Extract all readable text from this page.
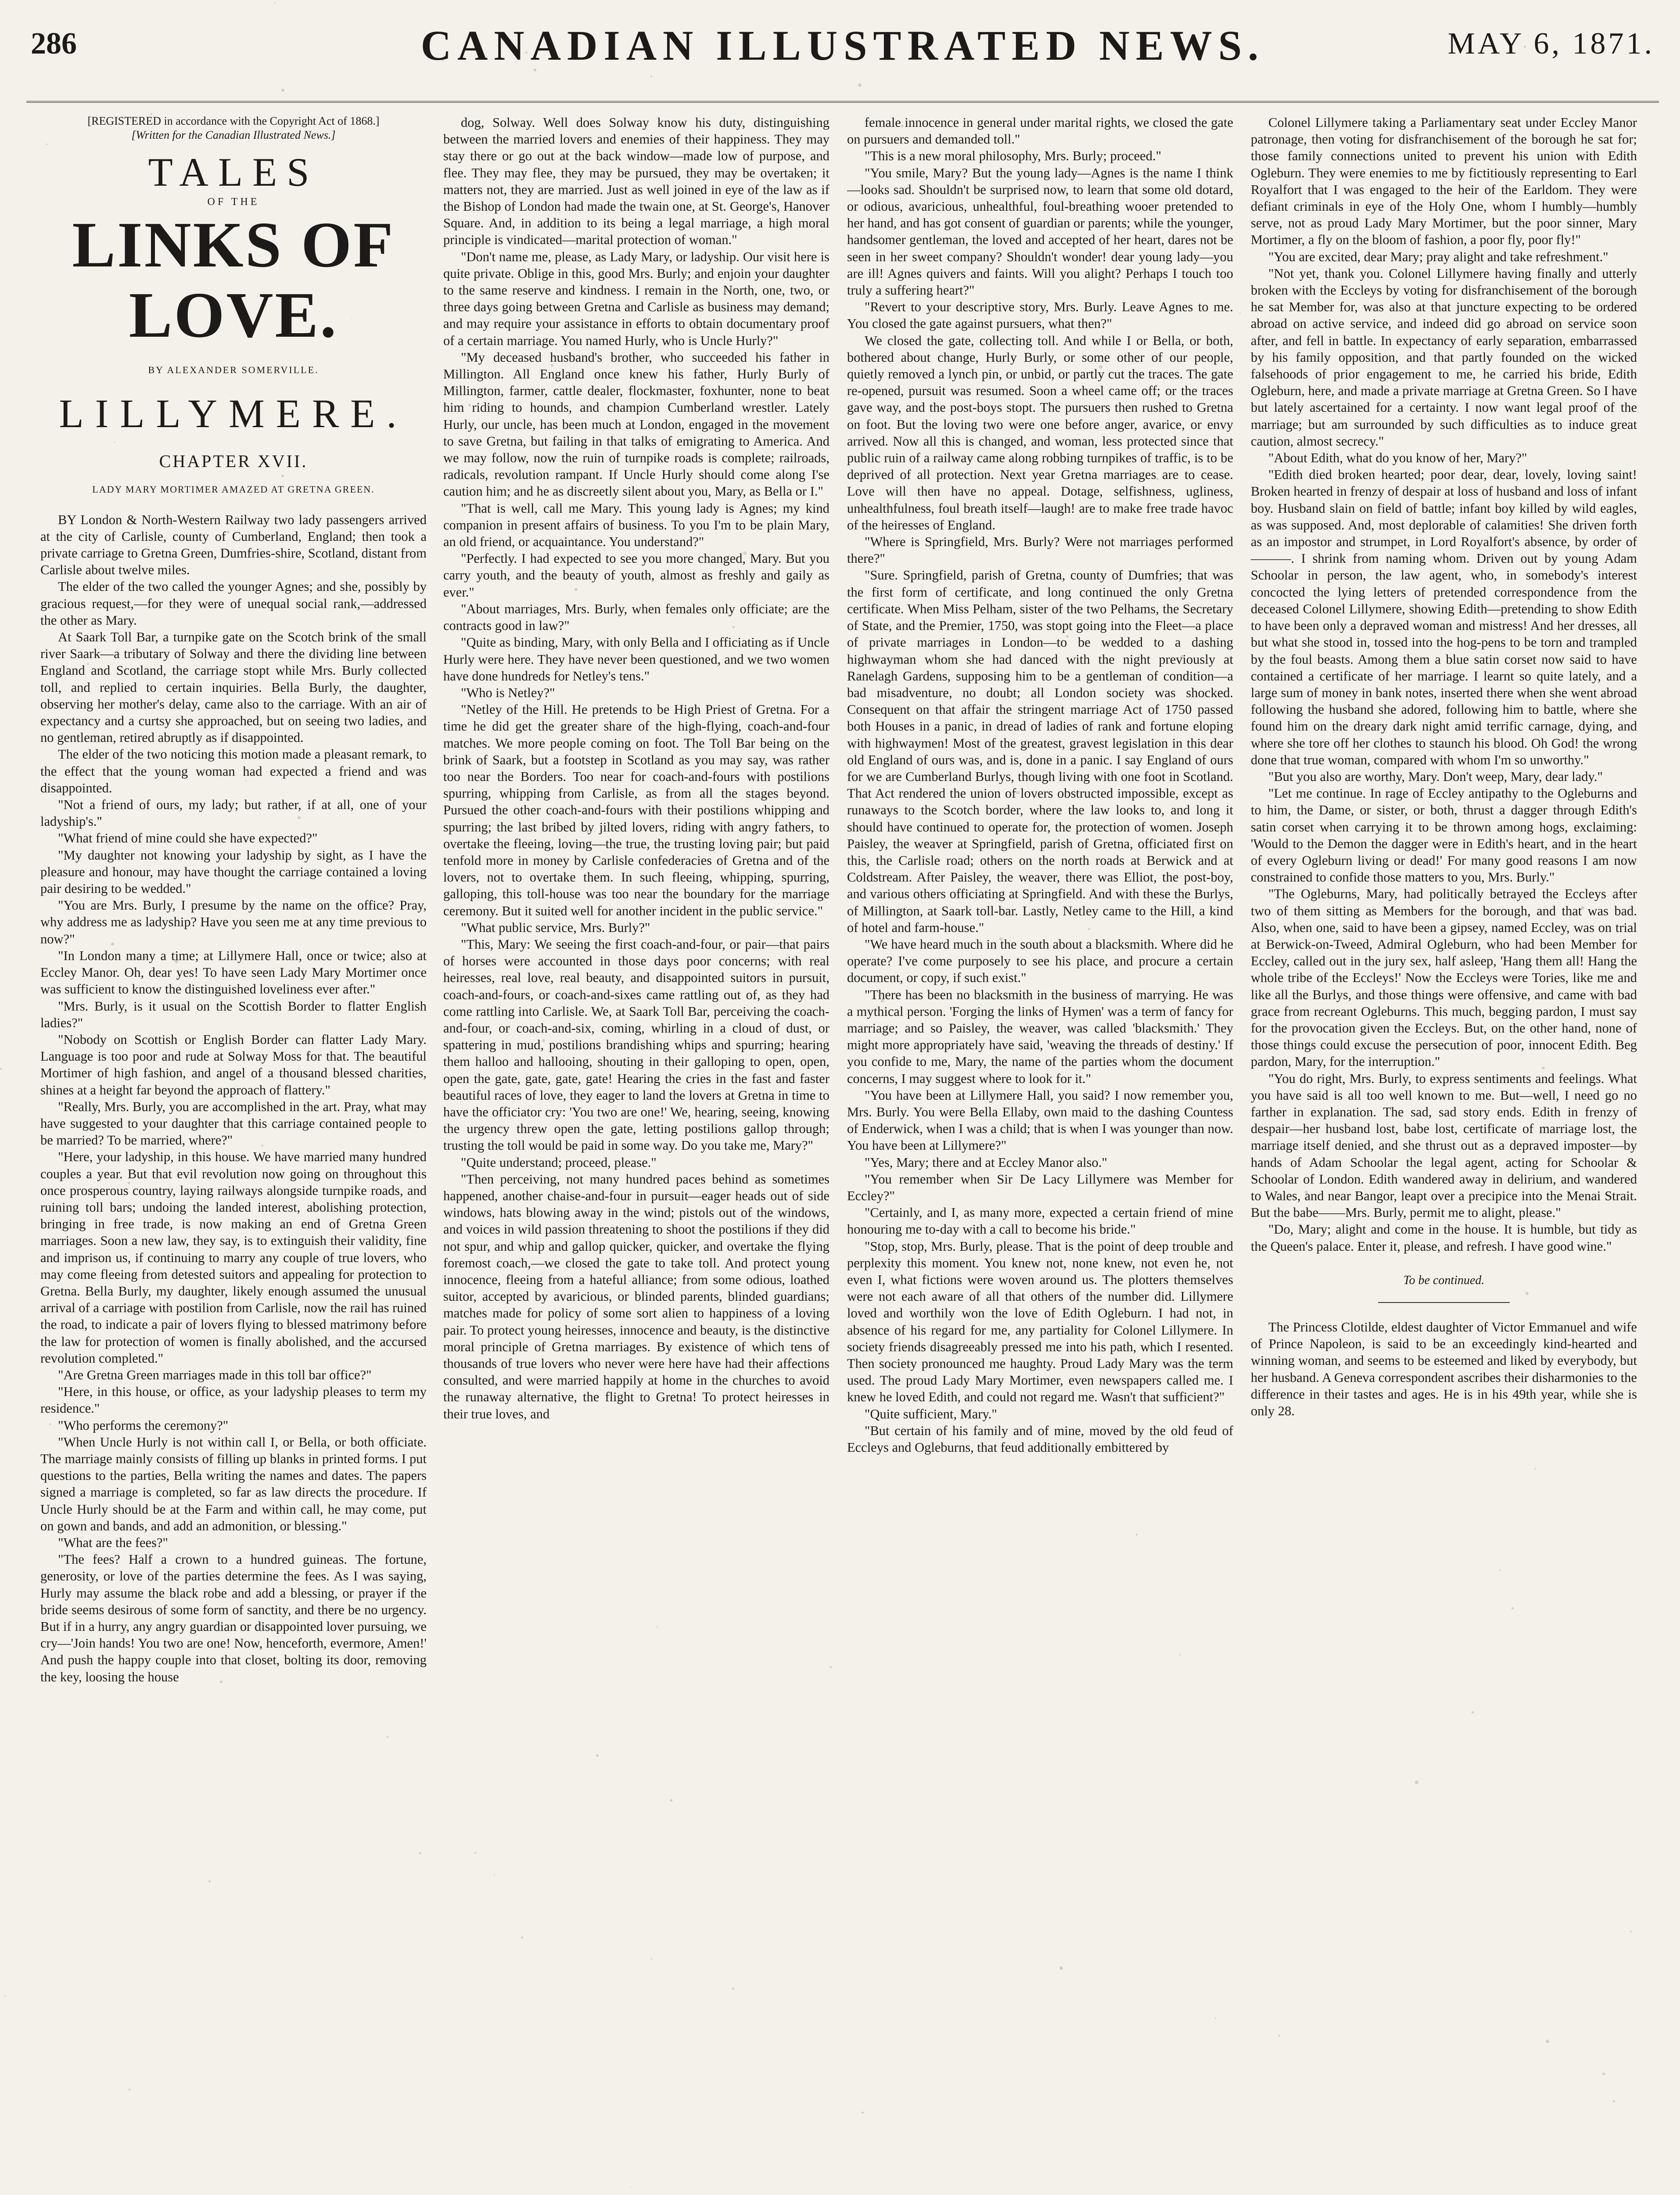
286	CANADIAN ILLUSTRATED NEWS.	MAY 6, 1871.

[REGISTERED in accordance with the Copyright Act of 1868.]

[Written for the Canadian Illustrated News.]

TALES
OF THE
LINKS OF LOVE.
BY ALEXANDER SOMERVILLE.
LILLYMERE.
CHAPTER XVII.
LADY MARY MORTIMER AMAZED AT GRETNA GREEN.

BY London & North-Western Railway two lady passengers arrived at the city of Carlisle, county of Cumberland, England; then took a private carriage to Gretna Green, Dumfries-shire, Scotland, distant from Carlisle about twelve miles.

The elder of the two called the younger Agnes; and she, possibly by gracious request,—for they were of unequal social rank,—addressed the other as Mary.

At Saark Toll Bar, a turnpike gate on the Scotch brink of the small river Saark—a tributary of Solway and there the dividing line between England and Scotland, the carriage stopt while Mrs. Burly collected toll, and replied to certain inquiries. Bella Burly, the daughter, observing her mother's delay, came also to the carriage. With an air of expectancy and a curtsy she approached, but on seeing two ladies, and no gentleman, retired abruptly as if disappointed.

The elder of the two noticing this motion made a pleasant remark, to the effect that the young woman had expected a friend and was disappointed.

"Not a friend of ours, my lady; but rather, if at all, one of your ladyship's."

"What friend of mine could she have expected?"

"My daughter not knowing your ladyship by sight, as I have the pleasure and honour, may have thought the carriage contained a loving pair desiring to be wedded."

"You are Mrs. Burly, I presume by the name on the office? Pray, why address me as ladyship? Have you seen me at any time previous to now?"

"In London many a time; at Lillymere Hall, once or twice; also at Eccley Manor. Oh, dear yes! To have seen Lady Mary Mortimer once was sufficient to know the distinguished loveliness ever after."

"Mrs. Burly, is it usual on the Scottish Border to flatter English ladies?"

"Nobody on Scottish or English Border can flatter Lady Mary. Language is too poor and rude at Solway Moss for that. The beautiful Mortimer of high fashion, and angel of a thousand blessed charities, shines at a height far beyond the approach of flattery."

"Really, Mrs. Burly, you are accomplished in the art. Pray, what may have suggested to your daughter that this carriage contained people to be married? To be married, where?"

"Here, your ladyship, in this house. We have married many hundred couples a year. But that evil revolution now going on throughout this once prosperous country, laying railways alongside turnpike roads, and ruining toll bars; undoing the landed interest, abolishing protection, bringing in free trade, is now making an end of Gretna Green marriages. Soon a new law, they say, is to extinguish their validity, fine and imprison us, if continuing to marry any couple of true lovers, who may come fleeing from detested suitors and appealing for protection to Gretna. Bella Burly, my daughter, likely enough assumed the unusual arrival of a carriage with postilion from Carlisle, now the rail has ruined the road, to indicate a pair of lovers flying to blessed matrimony before the law for protection of women is finally abolished, and the accursed revolution completed."

"Are Gretna Green marriages made in this toll bar office?"

"Here, in this house, or office, as your ladyship pleases to term my residence."

"Who performs the ceremony?"

"When Uncle Hurly is not within call I, or Bella, or both officiate. The marriage mainly consists of filling up blanks in printed forms. I put questions to the parties, Bella writing the names and dates. The papers signed a marriage is completed, so far as law directs the procedure. If Uncle Hurly should be at the Farm and within call, he may come, put on gown and bands, and add an admonition, or blessing."

"What are the fees?"

"The fees? Half a crown to a hundred guineas. The fortune, generosity, or love of the parties determine the fees. As I was saying, Hurly may assume the black robe and add a blessing, or prayer if the bride seems desirous of some form of sanctity, and there be no urgency. But if in a hurry, any angry guardian or disappointed lover pursuing, we cry—'Join hands! You two are one! Now, henceforth, evermore, Amen!' And push the happy couple into that closet, bolting its door, removing the key, loosing the house

dog, Solway. Well does Solway know his duty, distinguishing between the married lovers and enemies of their happiness. They may stay there or go out at the back window—made low of purpose, and flee. They may flee, they may be pursued, they may be overtaken; it matters not, they are married. Just as well joined in eye of the law as if the Bishop of London had made the twain one, at St. George's, Hanover Square. And, in addition to its being a legal marriage, a high moral principle is vindicated—marital protection of woman."

"Don't name me, please, as Lady Mary, or ladyship. Our visit here is quite private. Oblige in this, good Mrs. Burly; and enjoin your daughter to the same reserve and kindness. I remain in the North, one, two, or three days going between Gretna and Carlisle as business may demand; and may require your assistance in efforts to obtain documentary proof of a certain marriage. You named Hurly, who is Uncle Hurly?"

"My deceased husband's brother, who succeeded his father in Millington. All England once knew his father, Hurly Burly of Millington, farmer, cattle dealer, flockmaster, foxhunter, none to beat him riding to hounds, and champion Cumberland wrestler. Lately Hurly, our uncle, has been much at London, engaged in the movement to save Gretna, but failing in that talks of emigrating to America. And we may follow, now the ruin of turnpike roads is complete; railroads, radicals, revolution rampant. If Uncle Hurly should come along I'se caution him; and he as discreetly silent about you, Mary, as Bella or I."

"That is well, call me Mary. This young lady is Agnes; my kind companion in present affairs of business. To you I'm to be plain Mary, an old friend, or acquaintance. You understand?"

"Perfectly. I had expected to see you more changed, Mary. But you carry youth, and the beauty of youth, almost as freshly and gaily as ever."

"About marriages, Mrs. Burly, when females only officiate; are the contracts good in law?"

"Quite as binding, Mary, with only Bella and I officiating as if Uncle Hurly were here. They have never been questioned, and we two women have done hundreds for Netley's tens."

"Who is Netley?"

"Netley of the Hill. He pretends to be High Priest of Gretna. For a time he did get the greater share of the high-flying, coach-and-four matches. We more people coming on foot. The Toll Bar being on the brink of Saark, but a footstep in Scotland as you may say, was rather too near the Borders. Too near for coach-and-fours with postilions spurring, whipping from Carlisle, as from all the stages beyond. Pursued the other coach-and-fours with their postilions whipping and spurring; the last bribed by jilted lovers, riding with angry fathers, to overtake the fleeing, loving—the true, the trusting loving pair; but paid tenfold more in money by Carlisle confederacies of Gretna and of the lovers, not to overtake them. In such fleeing, whipping, spurring, galloping, this toll-house was too near the boundary for the marriage ceremony. But it suited well for another incident in the public service."

"What public service, Mrs. Burly?"

"This, Mary: We seeing the first coach-and-four, or pair—that pairs of horses were accounted in those days poor concerns; with real heiresses, real love, real beauty, and disappointed suitors in pursuit, coach-and-fours, or coach-and-sixes came rattling out of, as they had come rattling into Carlisle. We, at Saark Toll Bar, perceiving the coach-and-four, or coach-and-six, coming, whirling in a cloud of dust, or spattering in mud, postilions brandishing whips and spurring; hearing them halloo and hallooing, shouting in their galloping to open, open, open the gate, gate, gate, gate! Hearing the cries in the fast and faster beautiful races of love, they eager to land the lovers at Gretna in time to have the officiator cry: 'You two are one!' We, hearing, seeing, knowing the urgency threw open the gate, letting postilions gallop through; trusting the toll would be paid in some way. Do you take me, Mary?"

"Quite understand; proceed, please."

"Then perceiving, not many hundred paces behind as sometimes happened, another chaise-and-four in pursuit—eager heads out of side windows, hats blowing away in the wind; pistols out of the windows, and voices in wild passion threatening to shoot the postilions if they did not spur, and whip and gallop quicker, quicker, and overtake the flying foremost coach,—we closed the gate to take toll. And protect young innocence, fleeing from a hateful alliance; from some odious, loathed suitor, accepted by avaricious, or blinded parents, blinded guardians; matches made for policy of some sort alien to happiness of a loving pair. To protect young heiresses, innocence and beauty, is the distinctive moral principle of Gretna marriages. By existence of which tens of thousands of true lovers who never were here have had their affections consulted, and were married happily at home in the churches to avoid the runaway alternative, the flight to Gretna! To protect heiresses in their true loves, and

female innocence in general under marital rights, we closed the gate on pursuers and demanded toll."

"This is a new moral philosophy, Mrs. Burly; proceed."

"You smile, Mary? But the young lady—Agnes is the name I think—looks sad. Shouldn't be surprised now, to learn that some old dotard, or odious, avaricious, unhealthful, foul-breathing wooer pretended to her hand, and has got consent of guardian or parents; while the younger, handsomer gentleman, the loved and accepted of her heart, dares not be seen in her sweet company? Shouldn't wonder! dear young lady—you are ill! Agnes quivers and faints. Will you alight? Perhaps I touch too truly a suffering heart?"

"Revert to your descriptive story, Mrs. Burly. Leave Agnes to me. You closed the gate against pursuers, what then?"

We closed the gate, collecting toll. And while I or Bella, or both, bothered about change, Hurly Burly, or some other of our people, quietly removed a lynch pin, or unbid, or partly cut the traces. The gate re-opened, pursuit was resumed. Soon a wheel came off; or the traces gave way, and the post-boys stopt. The pursuers then rushed to Gretna on foot. But the loving two were one before anger, avarice, or envy arrived. Now all this is changed, and woman, less protected since that public ruin of a railway came along robbing turnpikes of traffic, is to be deprived of all protection. Next year Gretna marriages are to cease. Love will then have no appeal. Dotage, selfishness, ugliness, unhealthfulness, foul breath itself—laugh! are to make free trade havoc of the heiresses of England.

"Where is Springfield, Mrs. Burly? Were not marriages performed there?"

"Sure. Springfield, parish of Gretna, county of Dumfries; that was the first form of certificate, and long continued the only Gretna certificate. When Miss Pelham, sister of the two Pelhams, the Secretary of State, and the Premier, 1750, was stopt going into the Fleet—a place of private marriages in London—to be wedded to a dashing highwayman whom she had danced with the night previously at Ranelagh Gardens, supposing him to be a gentleman of condition—a bad misadventure, no doubt; all London society was shocked. Consequent on that affair the stringent marriage Act of 1750 passed both Houses in a panic, in dread of ladies of rank and fortune eloping with highwaymen! Most of the greatest, gravest legislation in this dear old England of ours was, and is, done in a panic. I say England of ours for we are Cumberland Burlys, though living with one foot in Scotland. That Act rendered the union of lovers obstructed impossible, except as runaways to the Scotch border, where the law looks to, and long it should have continued to operate for, the protection of women. Joseph Paisley, the weaver at Springfield, parish of Gretna, officiated first on this, the Carlisle road; others on the north roads at Berwick and at Coldstream. After Paisley, the weaver, there was Elliot, the post-boy, and various others officiating at Springfield. And with these the Burlys, of Millington, at Saark toll-bar. Lastly, Netley came to the Hill, a kind of hotel and farm-house."

"We have heard much in the south about a blacksmith. Where did he operate? I've come purposely to see his place, and procure a certain document, or copy, if such exist."

"There has been no blacksmith in the business of marrying. He was a mythical person. 'Forging the links of Hymen' was a term of fancy for marriage; and so Paisley, the weaver, was called 'blacksmith.' They might more appropriately have said, 'weaving the threads of destiny.' If you confide to me, Mary, the name of the parties whom the document concerns, I may suggest where to look for it."

"You have been at Lillymere Hall, you said? I now remember you, Mrs. Burly. You were Bella Ellaby, own maid to the dashing Countess of Enderwick, when I was a child; that is when I was younger than now. You have been at Lillymere?"

"Yes, Mary; there and at Eccley Manor also."

"You remember when Sir De Lacy Lillymere was Member for Eccley?"

"Certainly, and I, as many more, expected a certain friend of mine honouring me to-day with a call to become his bride."

"Stop, stop, Mrs. Burly, please. That is the point of deep trouble and perplexity this moment. You knew not, none knew, not even he, not even I, what fictions were woven around us. The plotters themselves were not each aware of all that others of the number did. Lillymere loved and worthily won the love of Edith Ogleburn. I had not, in absence of his regard for me, any partiality for Colonel Lillymere. In society friends disagreeably pressed me into his path, which I resented. Then society pronounced me haughty. Proud Lady Mary was the term used. The proud Lady Mary Mortimer, even newspapers called me. I knew he loved Edith, and could not regard me. Wasn't that sufficient?"

"Quite sufficient, Mary."

"But certain of his family and of mine, moved by the old feud of Eccleys and Ogleburns, that feud additionally embittered by

Colonel Lillymere taking a Parliamentary seat under Eccley Manor patronage, then voting for disfranchisement of the borough he sat for; those family connections united to prevent his union with Edith Ogleburn. They were enemies to me by fictitiously representing to Earl Royalfort that I was engaged to the heir of the Earldom. They were defiant criminals in eye of the Holy One, whom I humbly—humbly serve, not as proud Lady Mary Mortimer, but the poor sinner, Mary Mortimer, a fly on the bloom of fashion, a poor fly, poor fly!"

"You are excited, dear Mary; pray alight and take refreshment."

"Not yet, thank you. Colonel Lillymere having finally and utterly broken with the Eccleys by voting for disfranchisement of the borough he sat Member for, was also at that juncture expecting to be ordered abroad on active service, and indeed did go abroad on service soon after, and fell in battle. In expectancy of early separation, embarrassed by his family opposition, and that partly founded on the wicked falsehoods of prior engagement to me, he carried his bride, Edith Ogleburn, here, and made a private marriage at Gretna Green. So I have but lately ascertained for a certainty. I now want legal proof of the marriage; but am surrounded by such difficulties as to induce great caution, almost secrecy."

"About Edith, what do you know of her, Mary?"

"Edith died broken hearted; poor dear, dear, lovely, loving saint! Broken hearted in frenzy of despair at loss of husband and loss of infant boy. Husband slain on field of battle; infant boy killed by wild eagles, as was supposed. And, most deplorable of calamities! She driven forth as an impostor and strumpet, in Lord Royalfort's absence, by order of ———. I shrink from naming whom. Driven out by young Adam Schoolar in person, the law agent, who, in somebody's interest concocted the lying letters of pretended correspondence from the deceased Colonel Lillymere, showing Edith—pretending to show Edith to have been only a depraved woman and mistress! And her dresses, all but what she stood in, tossed into the hog-pens to be torn and trampled by the foul beasts. Among them a blue satin corset now said to have contained a certificate of her marriage. I learnt so quite lately, and a large sum of money in bank notes, inserted there when she went abroad following the husband she adored, following him to battle, where she found him on the dreary dark night amid terrific carnage, dying, and where she tore off her clothes to staunch his blood. Oh God! the wrong done that true woman, compared with whom I'm so unworthy."

"But you also are worthy, Mary. Don't weep, Mary, dear lady."

"Let me continue. In rage of Eccley antipathy to the Ogleburns and to him, the Dame, or sister, or both, thrust a dagger through Edith's satin corset when carrying it to be thrown among hogs, exclaiming: 'Would to the Demon the dagger were in Edith's heart, and in the heart of every Ogleburn living or dead!' For many good reasons I am now constrained to confide those matters to you, Mrs. Burly."

"The Ogleburns, Mary, had politically betrayed the Eccleys after two of them sitting as Members for the borough, and that was bad. Also, when one, said to have been a gipsey, named Eccley, was on trial at Berwick-on-Tweed, Admiral Ogleburn, who had been Member for Eccley, called out in the jury sex, half asleep, 'Hang them all! Hang the whole tribe of the Eccleys!' Now the Eccleys were Tories, like me and like all the Burlys, and those things were offensive, and came with bad grace from recreant Ogleburns. This much, begging pardon, I must say for the provocation given the Eccleys. But, on the other hand, none of those things could excuse the persecution of poor, innocent Edith. Beg pardon, Mary, for the interruption."

"You do right, Mrs. Burly, to express sentiments and feelings. What you have said is all too well known to me. But—well, I need go no farther in explanation. The sad, sad story ends. Edith in frenzy of despair—her husband lost, babe lost, certificate of marriage lost, the marriage itself denied, and she thrust out as a depraved imposter—by hands of Adam Schoolar the legal agent, acting for Schoolar & Schoolar of London. Edith wandered away in delirium, and wandered to Wales, and near Bangor, leapt over a precipice into the Menai Strait. But the babe——Mrs. Burly, permit me to alight, please."

"Do, Mary; alight and come in the house. It is humble, but tidy as the Queen's palace. Enter it, please, and refresh. I have good wine."

To be continued.

The Princess Clotilde, eldest daughter of Victor Emmanuel and wife of Prince Napoleon, is said to be an exceedingly kind-hearted and winning woman, and seems to be esteemed and liked by everybody, but her husband. A Geneva correspondent ascribes their disharmonies to the difference in their tastes and ages. He is in his 49th year, while she is only 28.
